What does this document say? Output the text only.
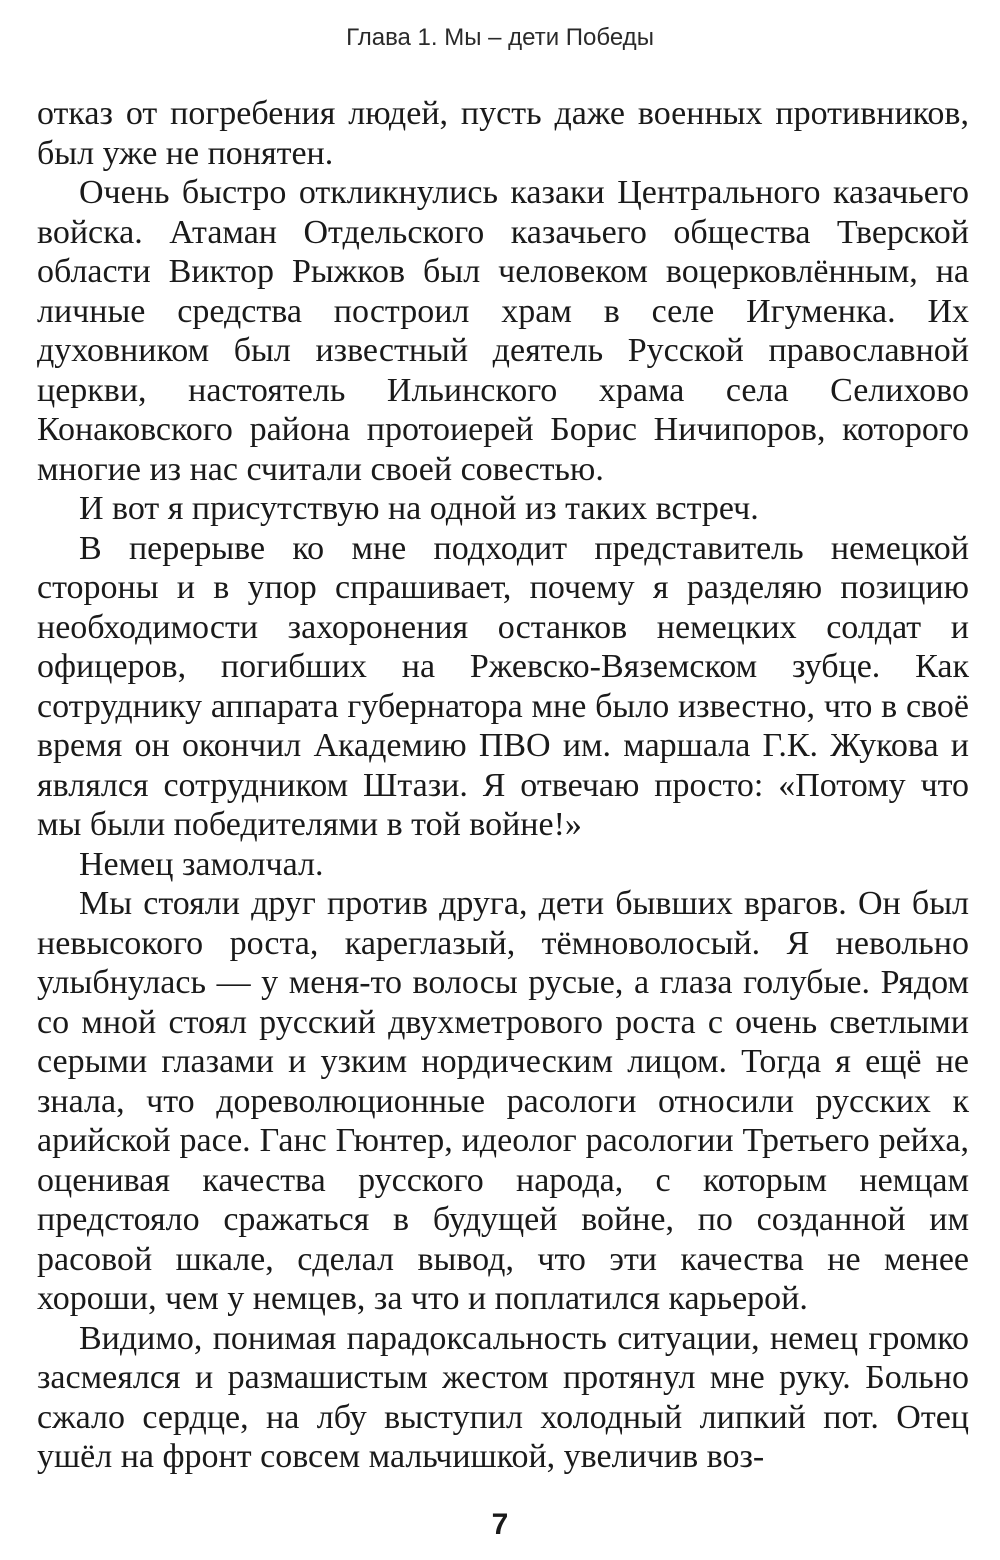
Глава 1. Мы – дети Победы

отказ от погребения людей, пусть даже военных противников, был уже не понятен.

Очень быстро откликнулись казаки Центрального казачьего войска. Атаман Отдельского казачьего общества Тверской области Виктор Рыжков был человеком воцерковлённым, на личные средства построил храм в селе Игуменка. Их духовником был известный деятель Русской православной церкви, настоятель Ильинского храма села Селихово Конаковского района протоиерей Борис Ничипоров, которого многие из нас считали своей совестью.

И вот я присутствую на одной из таких встреч.

В перерыве ко мне подходит представитель немецкой стороны и в упор спрашивает, почему я разделяю позицию необходимости захоронения останков немецких солдат и офицеров, погибших на Ржевско-Вяземском зубце. Как сотруднику аппарата губернатора мне было известно, что в своё время он окончил Академию ПВО им. маршала Г.К. Жукова и являлся сотрудником Штази. Я отвечаю просто: «Потому что мы были победителями в той войне!»

Немец замолчал.

Мы стояли друг против друга, дети бывших врагов. Он был невысокого роста, кареглазый, тёмноволосый. Я невольно улыбнулась — у меня-то волосы русые, а глаза голубые. Рядом со мной стоял русский двухметрового роста с очень светлыми серыми глазами и узким нордическим лицом. Тогда я ещё не знала, что дореволюционные расологи относили русских к арийской расе. Ганс Гюнтер, идеолог расологии Третьего рейха, оценивая качества русского народа, с которым немцам предстояло сражаться в будущей войне, по созданной им расовой шкале, сделал вывод, что эти качества не менее хороши, чем у немцев, за что и поплатился карьерой.

Видимо, понимая парадоксальность ситуации, немец громко засмеялся и размашистым жестом протянул мне руку. Больно сжало сердце, на лбу выступил холодный липкий пот. Отец ушёл на фронт совсем мальчишкой, увеличив воз-

7
